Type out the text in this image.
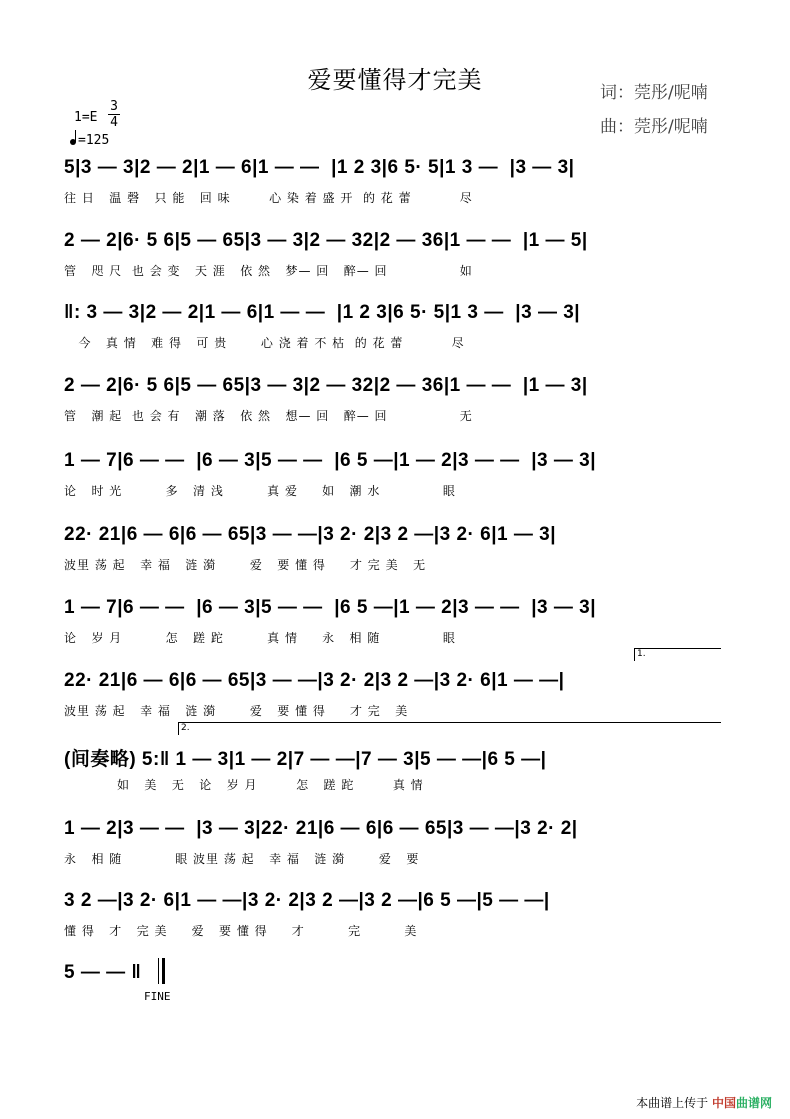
爱要懂得才完美	词：莞彤/呢喃
曲：莞彤/呢喃
1=E
3
4
=125
5|3 — 3|2 — 2|1 — 6|1 — —  |1 2 3|6 5· 5|1 3 —  |3 — 3|
往 日   温 磬   只 能   回 味        心 染 着 盛 开  的 花 蕾          尽
2 — 2|6· 5 6|5 — 65|3 — 3|2 — 32|2 — 36|1 — —  |1 — 5|
管   咫 尺  也 会 变   天 涯   依 然   梦— 回   醉— 回               如
‖: 3 — 3|2 — 2|1 — 6|1 — —  |1 2 3|6 5· 5|1 3 —  |3 — 3|
今   真 情   难 得   可 贵       心 浇 着 不 枯  的 花 蕾          尽
2 — 2|6· 5 6|5 — 65|3 — 3|2 — 32|2 — 36|1 — —  |1 — 3|
管   潮 起  也 会 有   潮 落   依 然   想— 回   醉— 回               无
1 — 7|6 — —  |6 — 3|5 — —  |6 5 —|1 — 2|3 — —  |3 — 3|
论   时 光         多   清 浅         真 爱     如   潮 水             眼
22· 21|6 — 6|6 — 65|3 — —|3 2· 2|3 2 —|3 2· 6|1 — 3|
波里 荡 起   幸 福   涟 漪       爱   要 懂 得     才 完 美   无
1 — 7|6 — —  |6 — 3|5 — —  |6 5 —|1 — 2|3 — —  |3 — 3|
论   岁 月         怎   蹉 跎         真 情     永   相 随             眼
1.
22· 21|6 — 6|6 — 65|3 — —|3 2· 2|3 2 —|3 2· 6|1 — —|
波里 荡 起   幸 福   涟 漪       爱   要 懂 得     才 完   美
2.
(间奏略) 5:‖ 1 — 3|1 — 2|7 — —|7 — 3|5 — —|6 5 —|
如   美   无   论   岁 月        怎   蹉 跎        真 情
1 — 2|3 — —  |3 — 3|22· 21|6 — 6|6 — 65|3 — —|3 2· 2|
永   相 随           眼 波里 荡 起   幸 福   涟 漪       爱   要
3 2 —|3 2· 6|1 — —|3 2· 2|3 2 —|3 2 —|6 5 —|5 — —|
懂 得   才   完 美     爱   要 懂 得     才         完         美
5 — — ‖
FINE
本曲谱上传于 中国曲谱网
